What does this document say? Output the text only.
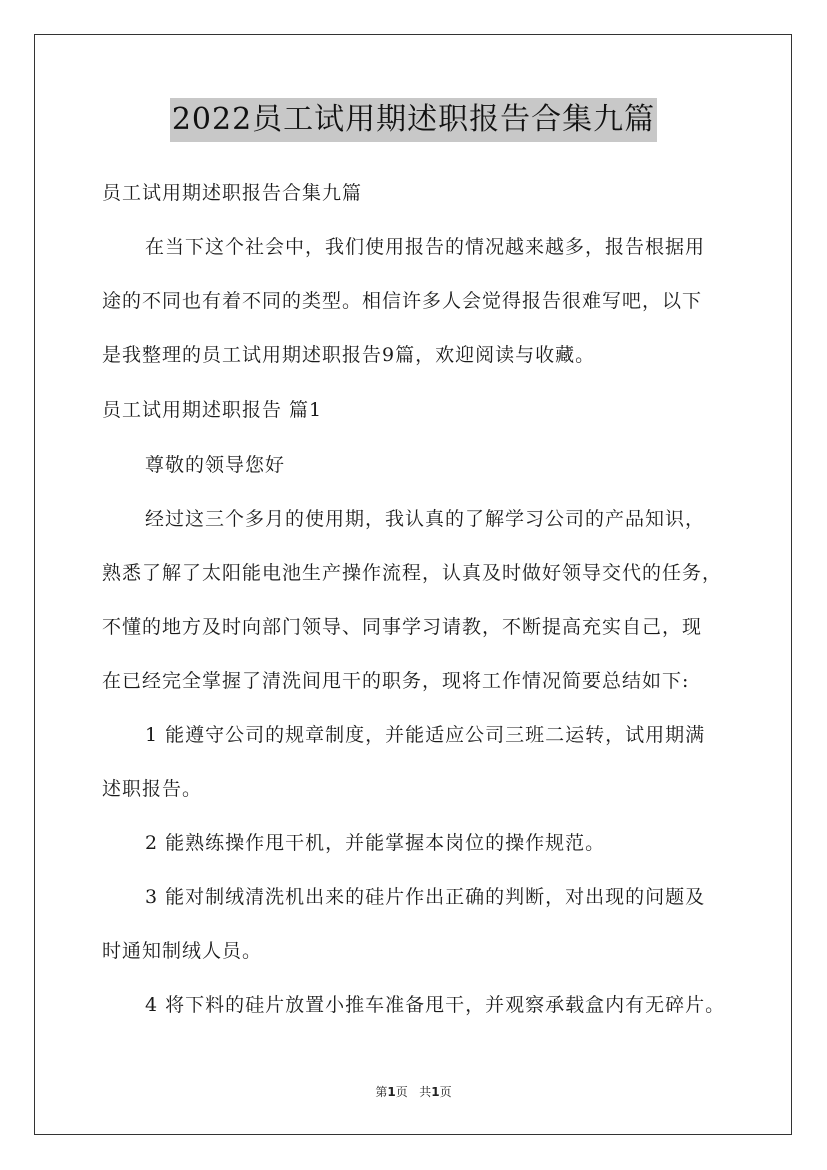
2022员工试用期述职报告合集九篇
员工试用期述职报告合集九篇
在当下这个社会中，我们使用报告的情况越来越多，报告根据用
途的不同也有着不同的类型。相信许多人会觉得报告很难写吧，以下
是我整理的员工试用期述职报告9篇，欢迎阅读与收藏。
员工试用期述职报告 篇1
尊敬的领导您好
经过这三个多月的使用期，我认真的了解学习公司的产品知识，
熟悉了解了太阳能电池生产操作流程，认真及时做好领导交代的任务，
不懂的地方及时向部门领导、同事学习请教，不断提高充实自己，现
在已经完全掌握了清洗间甩干的职务，现将工作情况简要总结如下:
1 能遵守公司的规章制度，并能适应公司三班二运转，试用期满
述职报告。
2 能熟练操作甩干机，并能掌握本岗位的操作规范。
3 能对制绒清洗机出来的硅片作出正确的判断，对出现的问题及
时通知制绒人员。
4 将下料的硅片放置小推车准备甩干，并观察承载盒内有无碎片。
第1页 共1页
